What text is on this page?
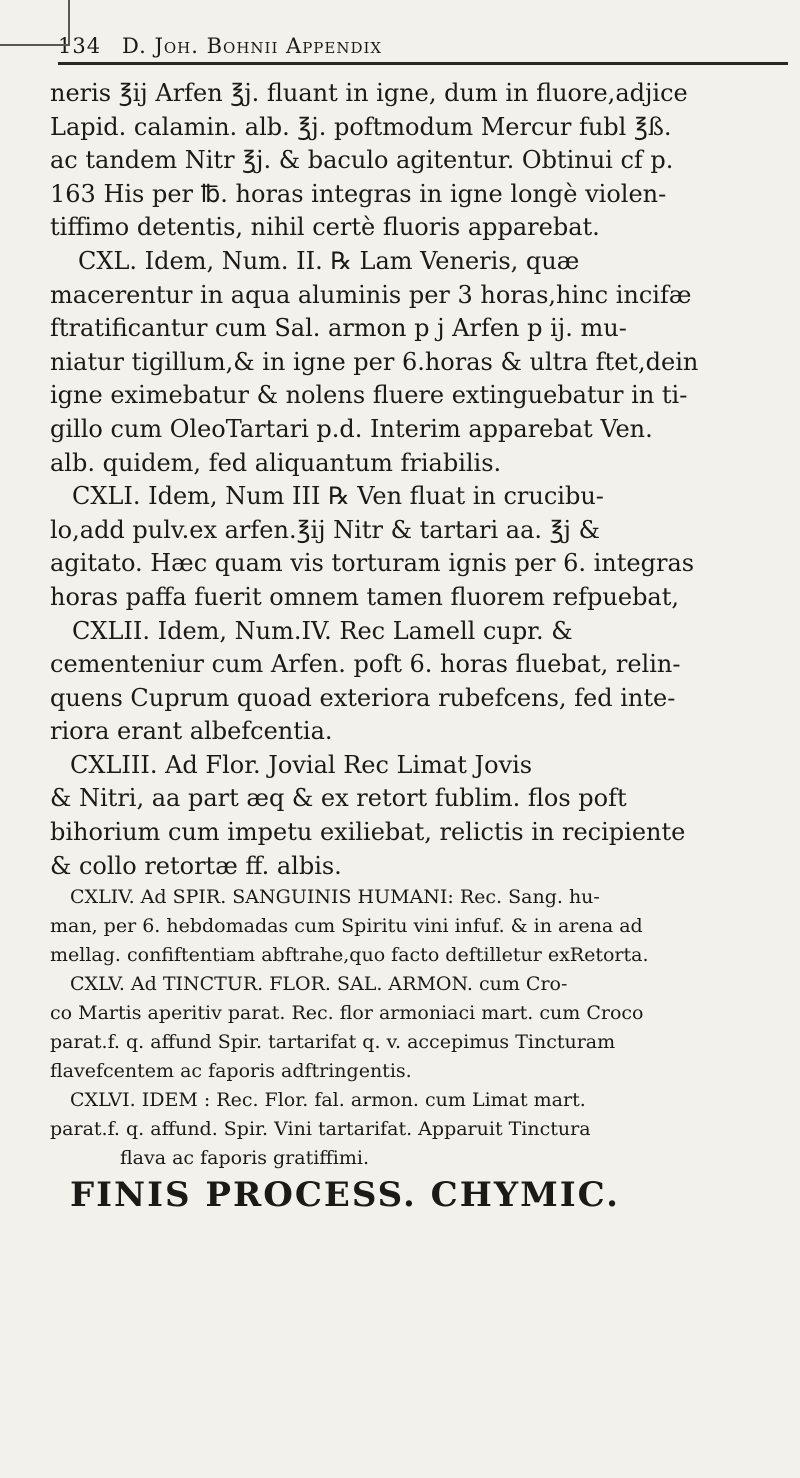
134 D. Joh. Bohnii Appendix
neris ℥ij Arfen ℥j. fluant in igne, dum in fluore,adjice
Lapid. calamin. alb. ℥j. poftmodum Mercur fubl ℥ß.
ac tandem Nitr ℥j. & baculo agitentur. Obtinui cf p.
163 His per ℔. horas integras in igne longè violen-
tiffimo detentis, nihil certè fluoris apparebat.
CXL. Idem, Num. II. ℞ Lam Veneris, quæ
macerentur in aqua aluminis per 3 horas,hinc incifæ
ftratificantur cum Sal. armon p j Arfen p ij. mu-
niatur tigillum,& in igne per 6.horas & ultra ftet,dein
igne eximebatur & nolens fluere extinguebatur in ti-
gillo cum OleoTartari p.d. Interim apparebat Ven.
alb. quidem, fed aliquantum friabilis.
CXLI. Idem, Num III ℞ Ven fluat in crucibu-
lo,add pulv.ex arfen.℥ij Nitr & tartari aa. ℥j &
agitato. Hæc quam vis torturam ignis per 6. integras
horas paffa fuerit omnem tamen fluorem refpuebat,
CXLII. Idem, Num.IV. Rec Lamell cupr. &
cementeniur cum Arfen. poft 6. horas fluebat, relin-
quens Cuprum quoad exteriora rubefcens, fed inte-
riora erant albefcentia.
CXLIII. Ad Flor. Jovial Rec Limat Jovis
& Nitri, aa part æq & ex retort fublim. flos poft
bihorium cum impetu exiliebat, relictis in recipiente
& collo retortæ ff. albis.
CXLIV. Ad SPIR. SANGUINIS HUMANI: Rec. Sang. hu-
man, per 6. hebdomadas cum Spiritu vini infuf. & in arena ad
mellag. confiftentiam abftrahe,quo facto deftilletur exRetorta.
CXLV. Ad TINCTUR. FLOR. SAL. ARMON. cum Cro-
co Martis aperitiv parat. Rec. flor armoniaci mart. cum Croco
parat.f. q. affund Spir. tartarifat q. v. accepimus Tincturam
flavefcentem ac faporis adftringentis.
CXLVI. IDEM : Rec. Flor. fal. armon. cum Limat mart.
parat.f. q. affund. Spir. Vini tartarifat. Apparuit Tinctura
flava ac faporis gratiffimi.
FINIS PROCESS. CHYMIC.
